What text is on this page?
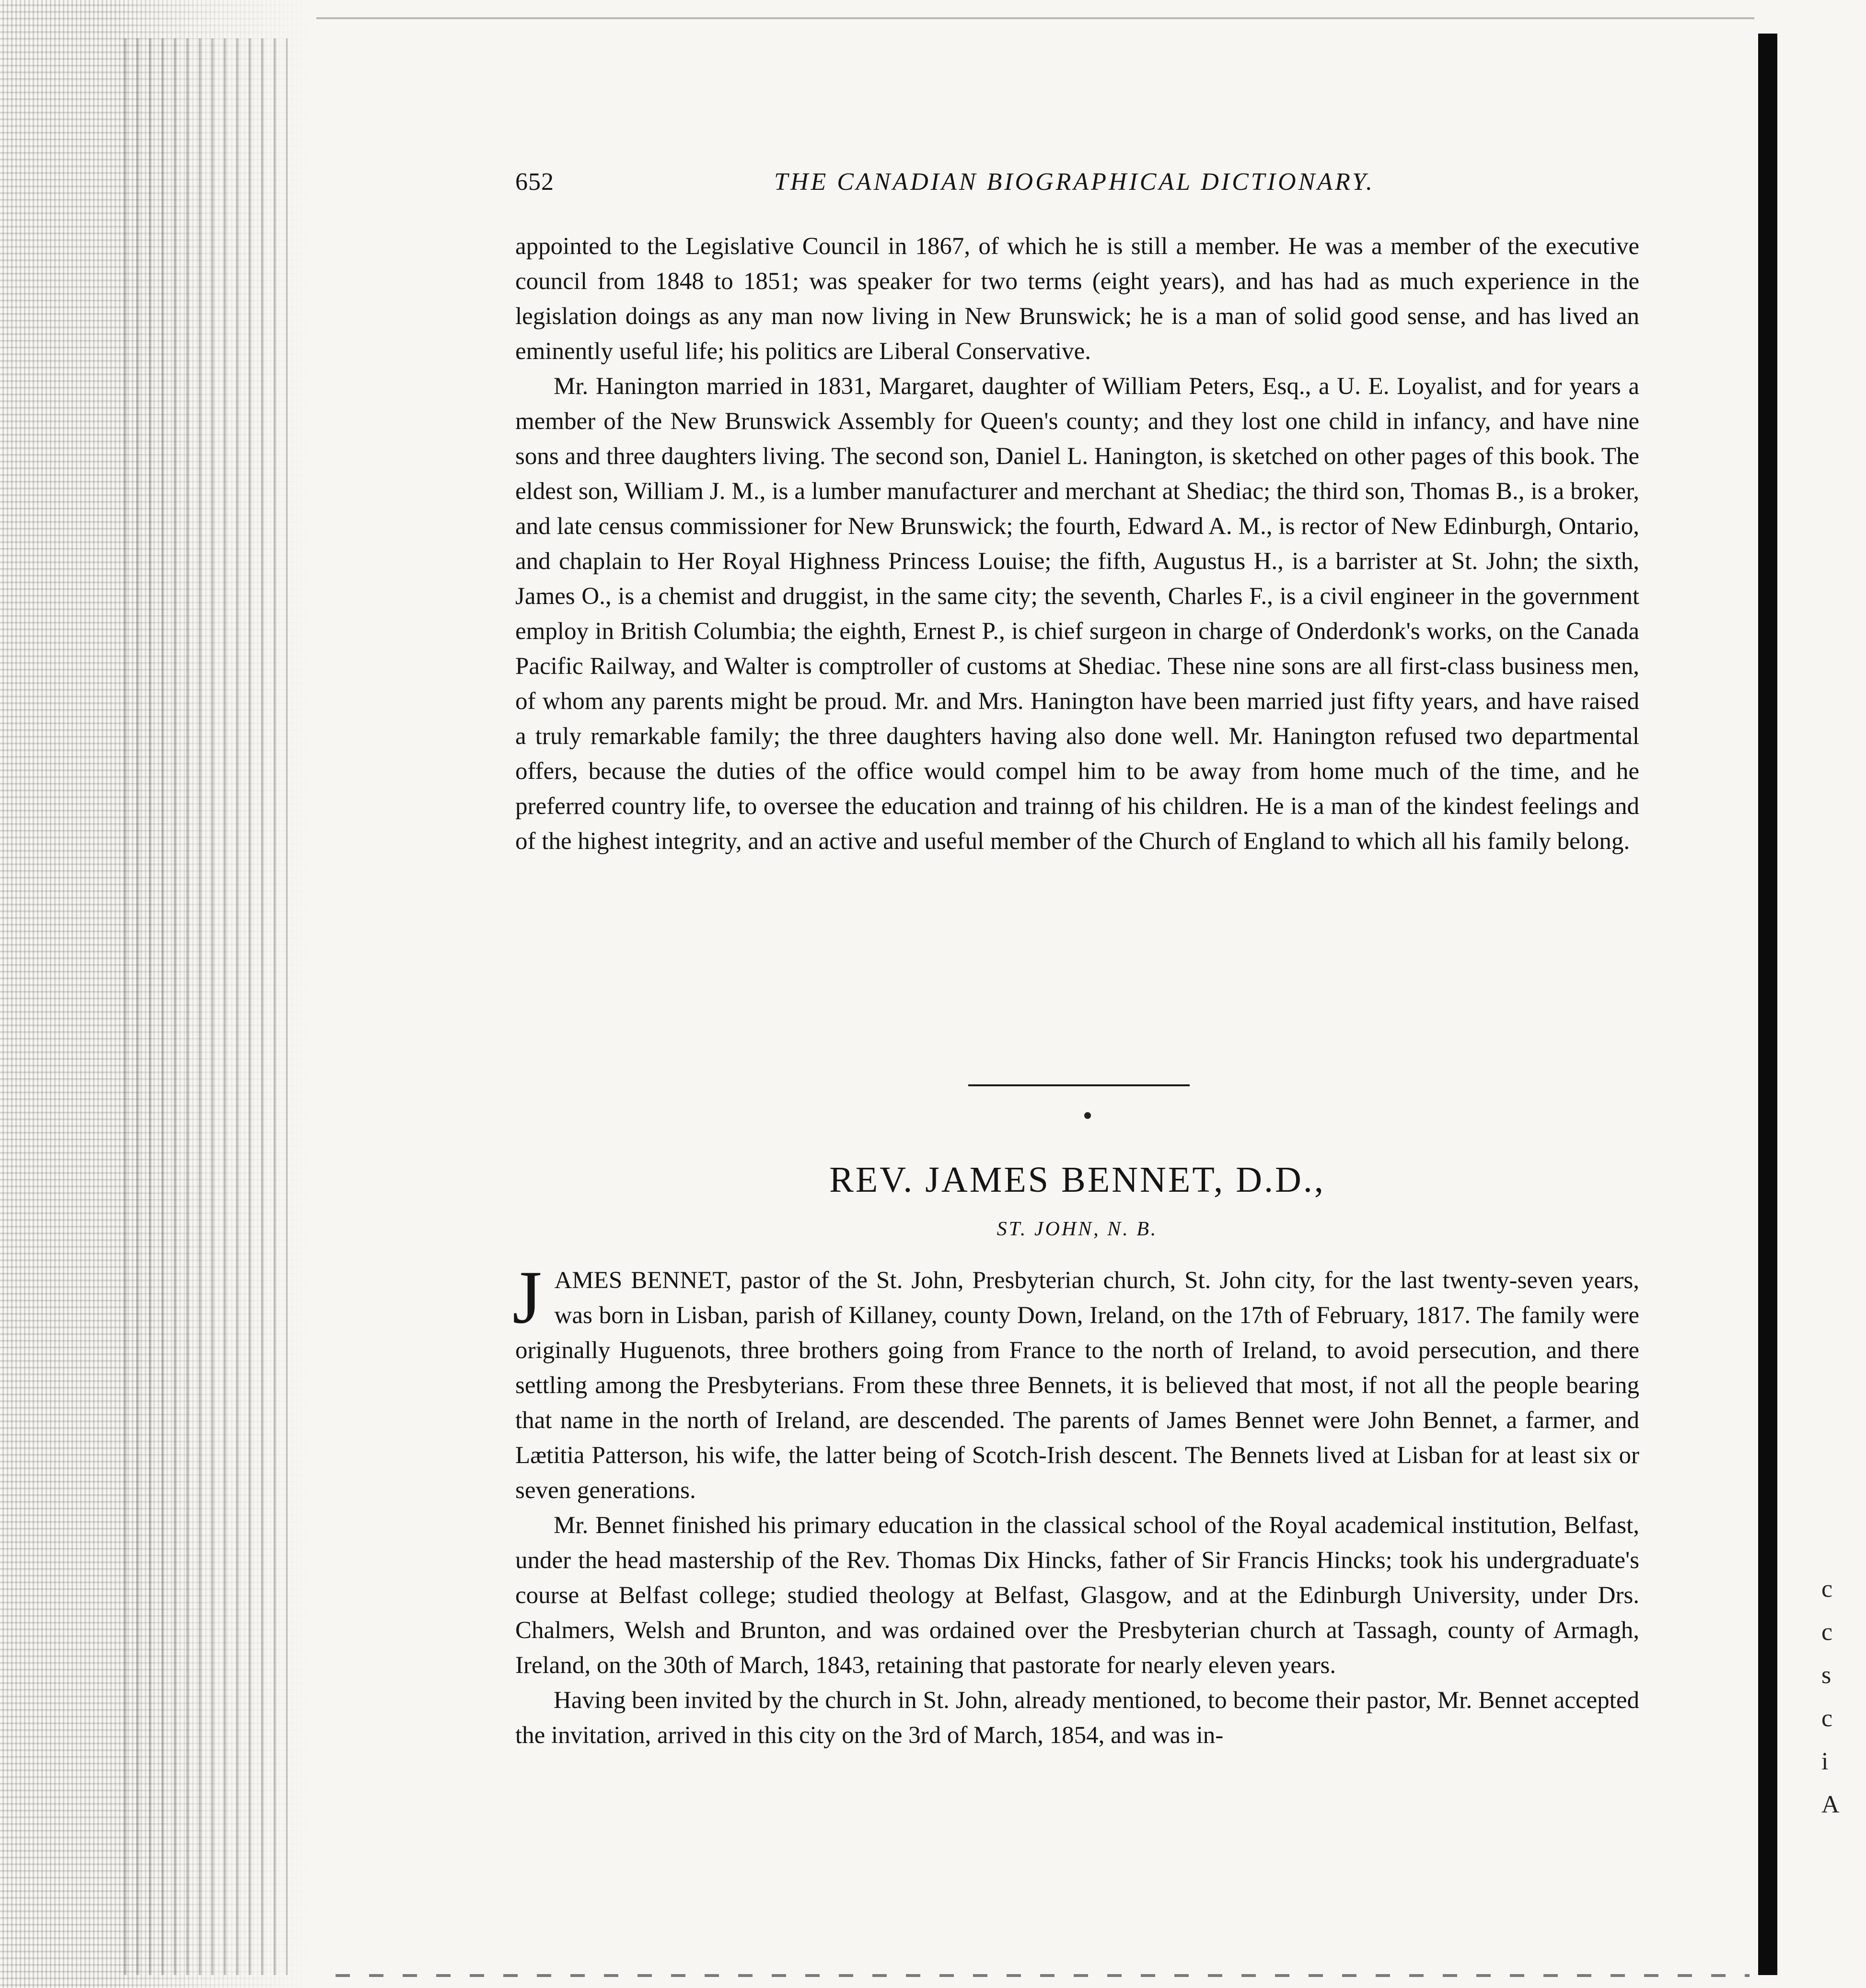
c
c
s
c
i
A
652	THE CANADIAN BIOGRAPHICAL DICTIONARY.

appointed to the Legislative Council in 1867, of which he is still a member. He was a member of the executive council from 1848 to 1851; was speaker for two terms (eight years), and has had as much experience in the legislation doings as any man now living in New Brunswick; he is a man of solid good sense, and has lived an eminently useful life; his politics are Liberal Conservative.

Mr. Hanington married in 1831, Margaret, daughter of William Peters, Esq., a U. E. Loyalist, and for years a member of the New Brunswick Assembly for Queen's county; and they lost one child in infancy, and have nine sons and three daughters living. The second son, Daniel L. Hanington, is sketched on other pages of this book. The eldest son, William J. M., is a lumber manufacturer and merchant at Shediac; the third son, Thomas B., is a broker, and late census commissioner for New Brunswick; the fourth, Edward A. M., is rector of New Edinburgh, Ontario, and chaplain to Her Royal Highness Princess Louise; the fifth, Augustus H., is a barrister at St. John; the sixth, James O., is a chemist and druggist, in the same city; the seventh, Charles F., is a civil engineer in the government employ in British Columbia; the eighth, Ernest P., is chief surgeon in charge of Onderdonk's works, on the Canada Pacific Railway, and Walter is comptroller of customs at Shediac. These nine sons are all first-class business men, of whom any parents might be proud. Mr. and Mrs. Hanington have been married just fifty years, and have raised a truly remarkable family; the three daughters having also done well. Mr. Hanington refused two departmental offers, because the duties of the office would compel him to be away from home much of the time, and he preferred country life, to oversee the education and trainng of his children. He is a man of the kindest feelings and of the highest integrity, and an active and useful member of the Church of England to which all his family belong.

REV. JAMES BENNET, D.D.,
ST. JOHN, N. B.

JAMES BENNET, pastor of the St. John, Presbyterian church, St. John city, for the last twenty-seven years, was born in Lisban, parish of Killaney, county Down, Ireland, on the 17th of February, 1817. The family were originally Huguenots, three brothers going from France to the north of Ireland, to avoid persecution, and there settling among the Presbyterians. From these three Bennets, it is believed that most, if not all the people bearing that name in the north of Ireland, are descended. The parents of James Bennet were John Bennet, a farmer, and Lætitia Patterson, his wife, the latter being of Scotch-Irish descent. The Bennets lived at Lisban for at least six or seven generations.

Mr. Bennet finished his primary education in the classical school of the Royal academical institution, Belfast, under the head mastership of the Rev. Thomas Dix Hincks, father of Sir Francis Hincks; took his undergraduate's course at Belfast college; studied theology at Belfast, Glasgow, and at the Edinburgh University, under Drs. Chalmers, Welsh and Brunton, and was ordained over the Presbyterian church at Tassagh, county of Armagh, Ireland, on the 30th of March, 1843, retaining that pastorate for nearly eleven years.

Having been invited by the church in St. John, already mentioned, to become their pastor, Mr. Bennet accepted the invitation, arrived in this city on the 3rd of March, 1854, and was in-
